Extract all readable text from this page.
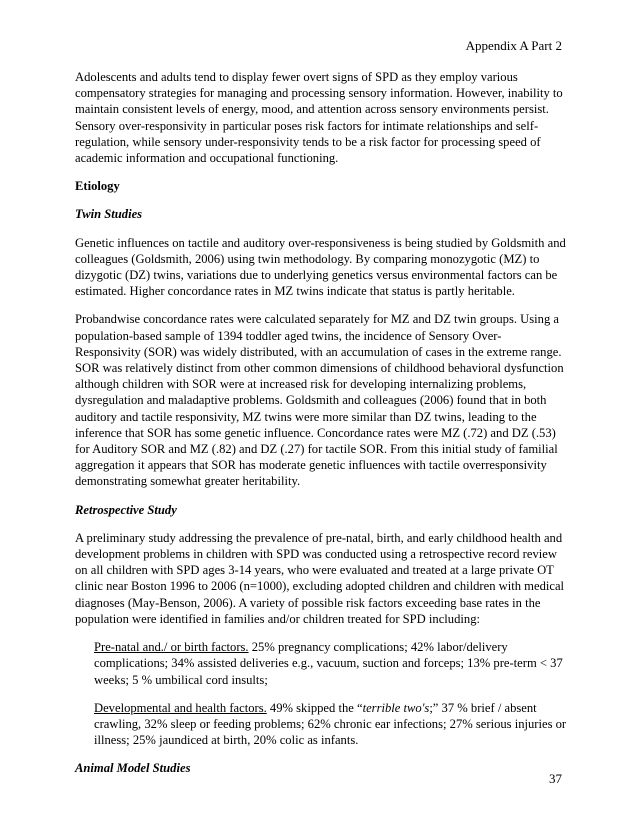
Appendix A Part 2

Adolescents and adults tend to display fewer overt signs of SPD as they employ various compensatory strategies for managing and processing sensory information. However, inability to maintain consistent levels of energy, mood, and attention across sensory environments persist. Sensory over-responsivity in particular poses risk factors for intimate relationships and self-regulation, while sensory under-responsivity tends to be a risk factor for processing speed of academic information and occupational functioning.

Etiology
Twin Studies

Genetic influences on tactile and auditory over-responsiveness is being studied by Goldsmith and colleagues (Goldsmith, 2006) using twin methodology. By comparing monozygotic (MZ) to dizygotic (DZ) twins, variations due to underlying genetics versus environmental factors can be estimated. Higher concordance rates in MZ twins indicate that status is partly heritable.

Probandwise concordance rates were calculated separately for MZ and DZ twin groups. Using a population-based sample of 1394 toddler aged twins, the incidence of Sensory Over-Responsivity (SOR) was widely distributed, with an accumulation of cases in the extreme range. SOR was relatively distinct from other common dimensions of childhood behavioral dysfunction although children with SOR were at increased risk for developing internalizing problems, dysregulation and maladaptive problems. Goldsmith and colleagues (2006) found that in both auditory and tactile responsivity, MZ twins were more similar than DZ twins, leading to the inference that SOR has some genetic influence. Concordance rates were MZ (.72) and DZ (.53) for Auditory SOR and MZ (.82) and DZ (.27) for tactile SOR. From this initial study of familial aggregation it appears that SOR has moderate genetic influences with tactile overresponsivity demonstrating somewhat greater heritability.

Retrospective Study

A preliminary study addressing the prevalence of pre-natal, birth, and early childhood health and development problems in children with SPD was conducted using a retrospective record review on all children with SPD ages 3-14 years, who were evaluated and treated at a large private OT clinic near Boston 1996 to 2006 (n=1000), excluding adopted children and children with medical diagnoses (May-Benson, 2006). A variety of possible risk factors exceeding base rates in the population were identified in families and/or children treated for SPD including:

Pre-natal and./ or birth factors. 25% pregnancy complications; 42% labor/delivery complications; 34% assisted deliveries e.g., vacuum, suction and forceps; 13% pre-term < 37 weeks; 5 % umbilical cord insults;

Developmental and health factors. 49% skipped the “terrible two's;” 37 % brief / absent crawling, 32% sleep or feeding problems; 62% chronic ear infections; 27% serious injuries or illness; 25% jaundiced at birth, 20% colic as infants.

Animal Model Studies
37
